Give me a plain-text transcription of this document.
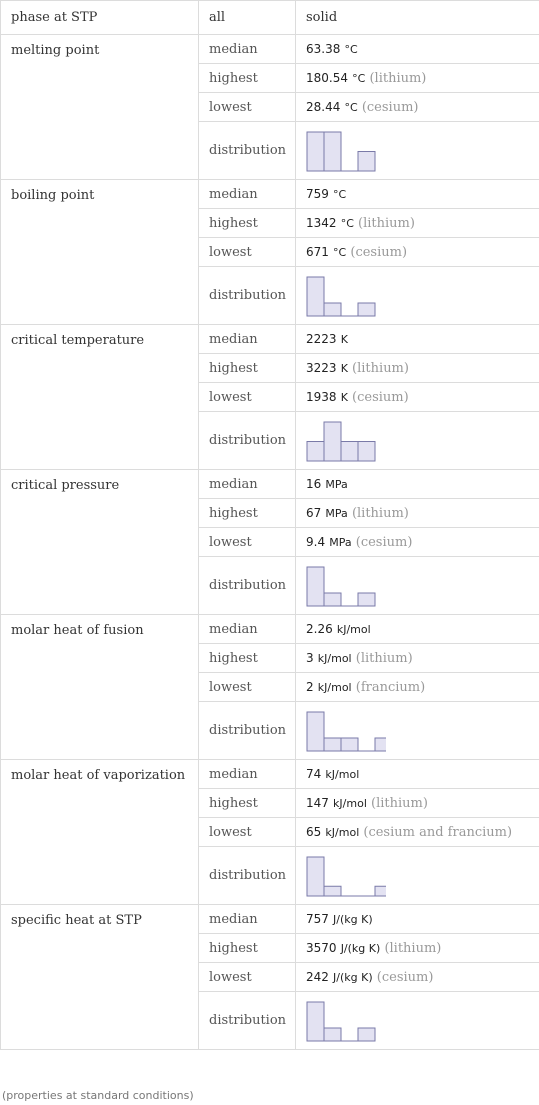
phase at STP	all	solid
melting point	median	63.38 °C
	highest	180.54 °C (lithium)
	lowest	28.44 °C (cesium)
	distribution	

boiling point	median	759 °C
	highest	1342 °C (lithium)
	lowest	671 °C (cesium)
	distribution	

critical temperature	median	2223 K
	highest	3223 K (lithium)
	lowest	1938 K (cesium)
	distribution	

critical pressure	median	16 MPa
	highest	67 MPa (lithium)
	lowest	9.4 MPa (cesium)
	distribution	

molar heat of fusion	median	2.26 kJ/mol
	highest	3 kJ/mol (lithium)
	lowest	2 kJ/mol (francium)
	distribution	

molar heat of vaporization	median	74 kJ/mol
	highest	147 kJ/mol (lithium)
	lowest	65 kJ/mol (cesium and francium)
	distribution	

specific heat at STP	median	757 J/(kg K)
	highest	3570 J/(kg K) (lithium)
	lowest	242 J/(kg K) (cesium)
	distribution	
(properties at standard conditions)
